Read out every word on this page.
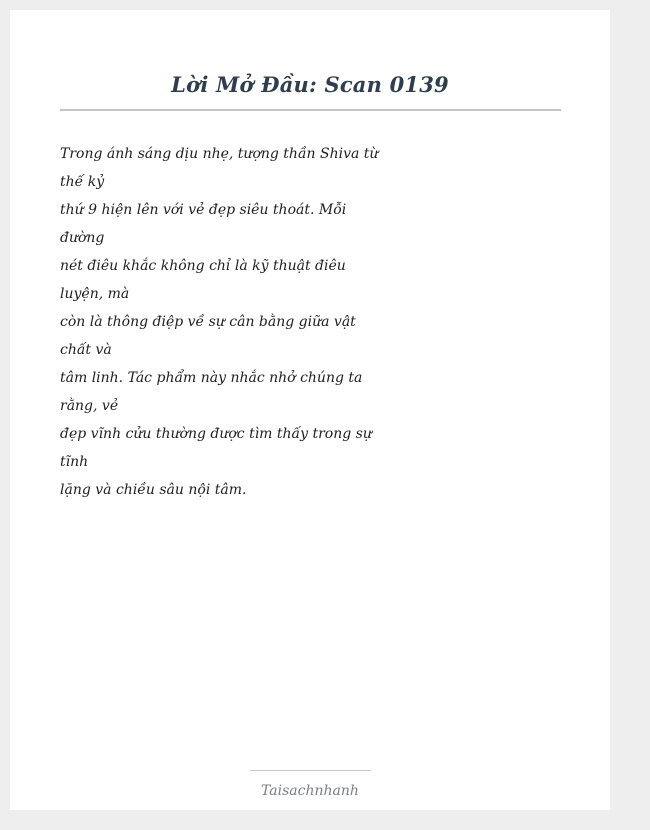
Lời Mở Đầu: Scan 0139
Trong ánh sáng dịu nhẹ, tượng thần Shiva từ
thế kỷ
thứ 9 hiện lên với vẻ đẹp siêu thoát. Mỗi
đường
nét điêu khắc không chỉ là kỹ thuật điêu
luyện, mà
còn là thông điệp về sự cân bằng giữa vật
chất và
tâm linh. Tác phẩm này nhắc nhở chúng ta
rằng, vẻ
đẹp vĩnh cửu thường được tìm thấy trong sự
tĩnh
lặng và chiều sâu nội tâm.
Taisachnhanh
